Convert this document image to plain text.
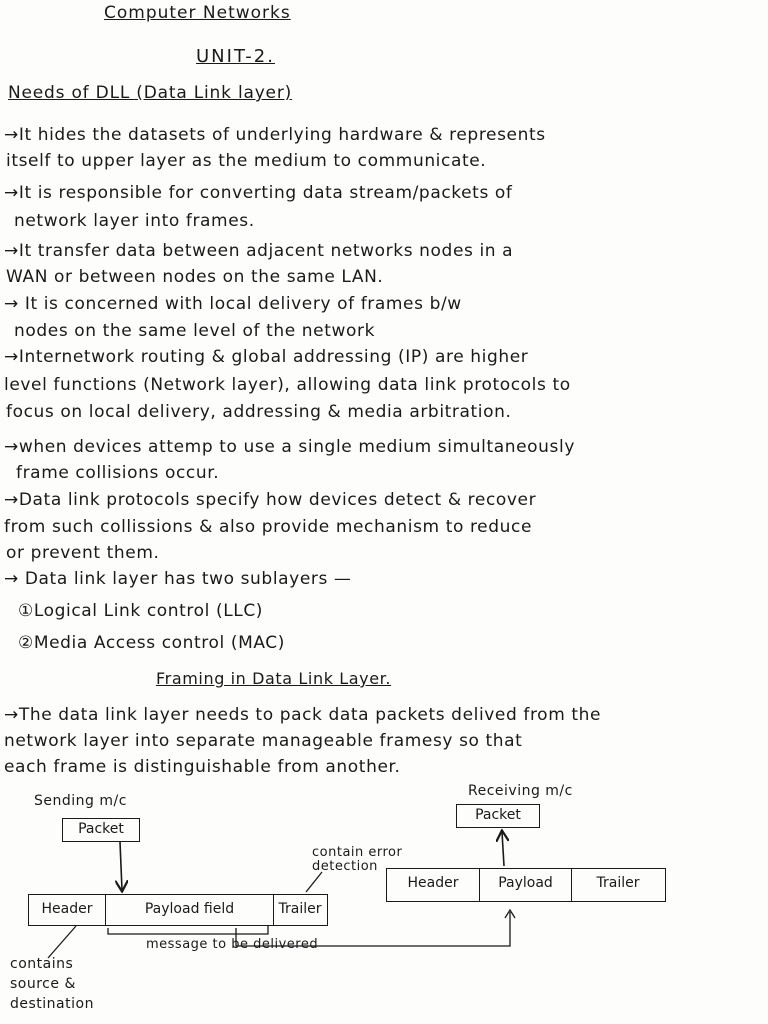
Computer Networks
UNIT-2.
Needs of DLL (Data Link layer)
→It hides the datasets of underlying hardware & represents
itself to upper layer as the medium to communicate.
→It is responsible for converting data stream/packets of
network layer into frames.
→It transfer data between adjacent networks nodes in a
WAN or between nodes on the same LAN.
→ It is concerned with local delivery of frames b/w
nodes on the same level of the network
→Internetwork routing & global addressing (IP) are higher
level functions (Network layer), allowing data link protocols to
focus on local delivery, addressing & media arbitration.
→when devices attemp to use a single medium simultaneously
frame collisions occur.
→Data link protocols specify how devices detect & recover
from such collissions & also provide mechanism to reduce
or prevent them.
→ Data link layer has two sublayers —
①Logical Link control (LLC)
②Media Access control (MAC)
Framing in Data Link Layer.
→The data link layer needs to pack data packets delived from the
network layer into separate manageable framesy so that
each frame is distinguishable from another.
Sending m/c
Receiving m/c
Packet
Packet
Header	Payload field	Trailer
Header	Payload	Trailer
contain error detection
message to be delivered
contains source & destination
